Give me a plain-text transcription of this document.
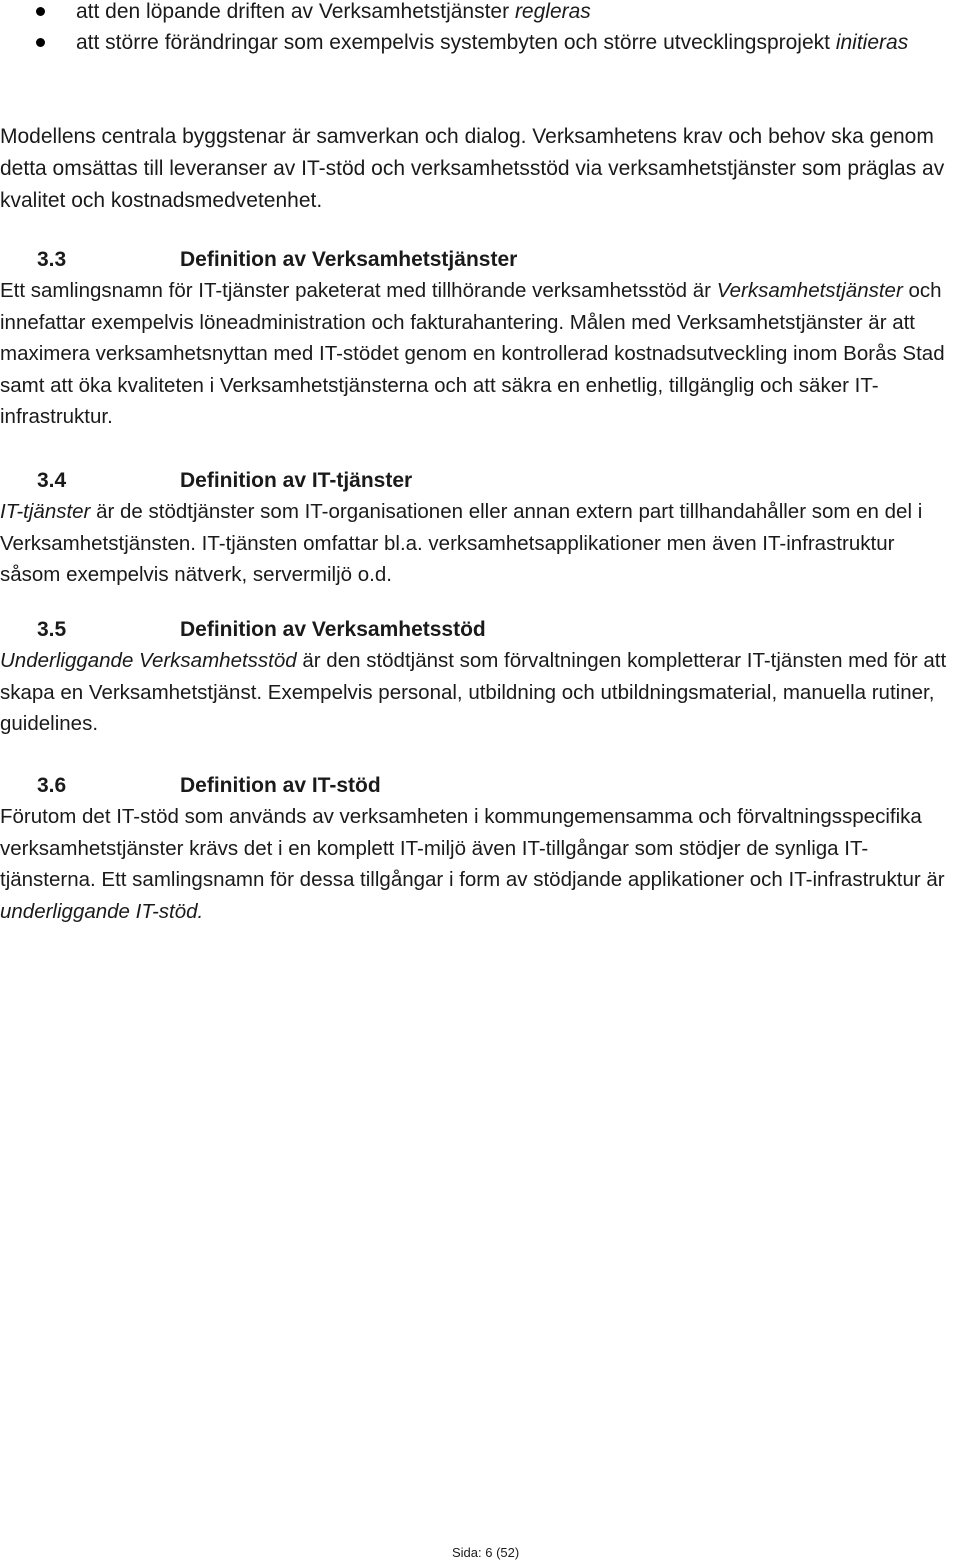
att den löpande driften av Verksamhetstjänster regleras
att större förändringar som exempelvis systembyten och större utvecklingsprojekt initieras

Modellens centrala byggstenar är samverkan och dialog. Verksamhetens krav och behov ska genom detta omsättas till leveranser av IT-stöd och verksamhetsstöd via verksamhetstjänster som präglas av kvalitet och kostnadsmedvetenhet.

3.3	Definition av Verksamhetstjänster

Ett samlingsnamn för IT-tjänster paketerat med tillhörande verksamhetsstöd är Verksamhetstjänster och innefattar exempelvis löneadministration och fakturahantering. Målen med Verksamhetstjänster är att maximera verksamhetsnyttan med IT-stödet genom en kontrollerad kostnadsutveckling inom Borås Stad samt att öka kvaliteten i Verksamhetstjänsterna och att säkra en enhetlig, tillgänglig och säker IT-infrastruktur.

3.4	Definition av IT-tjänster

IT-tjänster är de stödtjänster som IT-organisationen eller annan extern part tillhandahåller som en del i Verksamhetstjänsten. IT-tjänsten omfattar bl.a. verksamhetsapplikationer men även IT-infrastruktur såsom exempelvis nätverk, servermiljö o.d.

3.5	Definition av Verksamhetsstöd

Underliggande Verksamhetsstöd är den stödtjänst som förvaltningen kompletterar IT-tjänsten med för att skapa en Verksamhetstjänst. Exempelvis personal, utbildning och utbildningsmaterial, manuella rutiner, guidelines.

3.6	Definition av IT-stöd

Förutom det IT-stöd som används av verksamheten i kommungemensamma och förvaltningsspecifika verksamhetstjänster krävs det i en komplett IT-miljö även IT-tillgångar som stödjer de synliga IT-tjänsterna. Ett samlingsnamn för dessa tillgångar i form av stödjande applikationer och IT-infrastruktur är underliggande IT-stöd.

Sida: 6 (52)
